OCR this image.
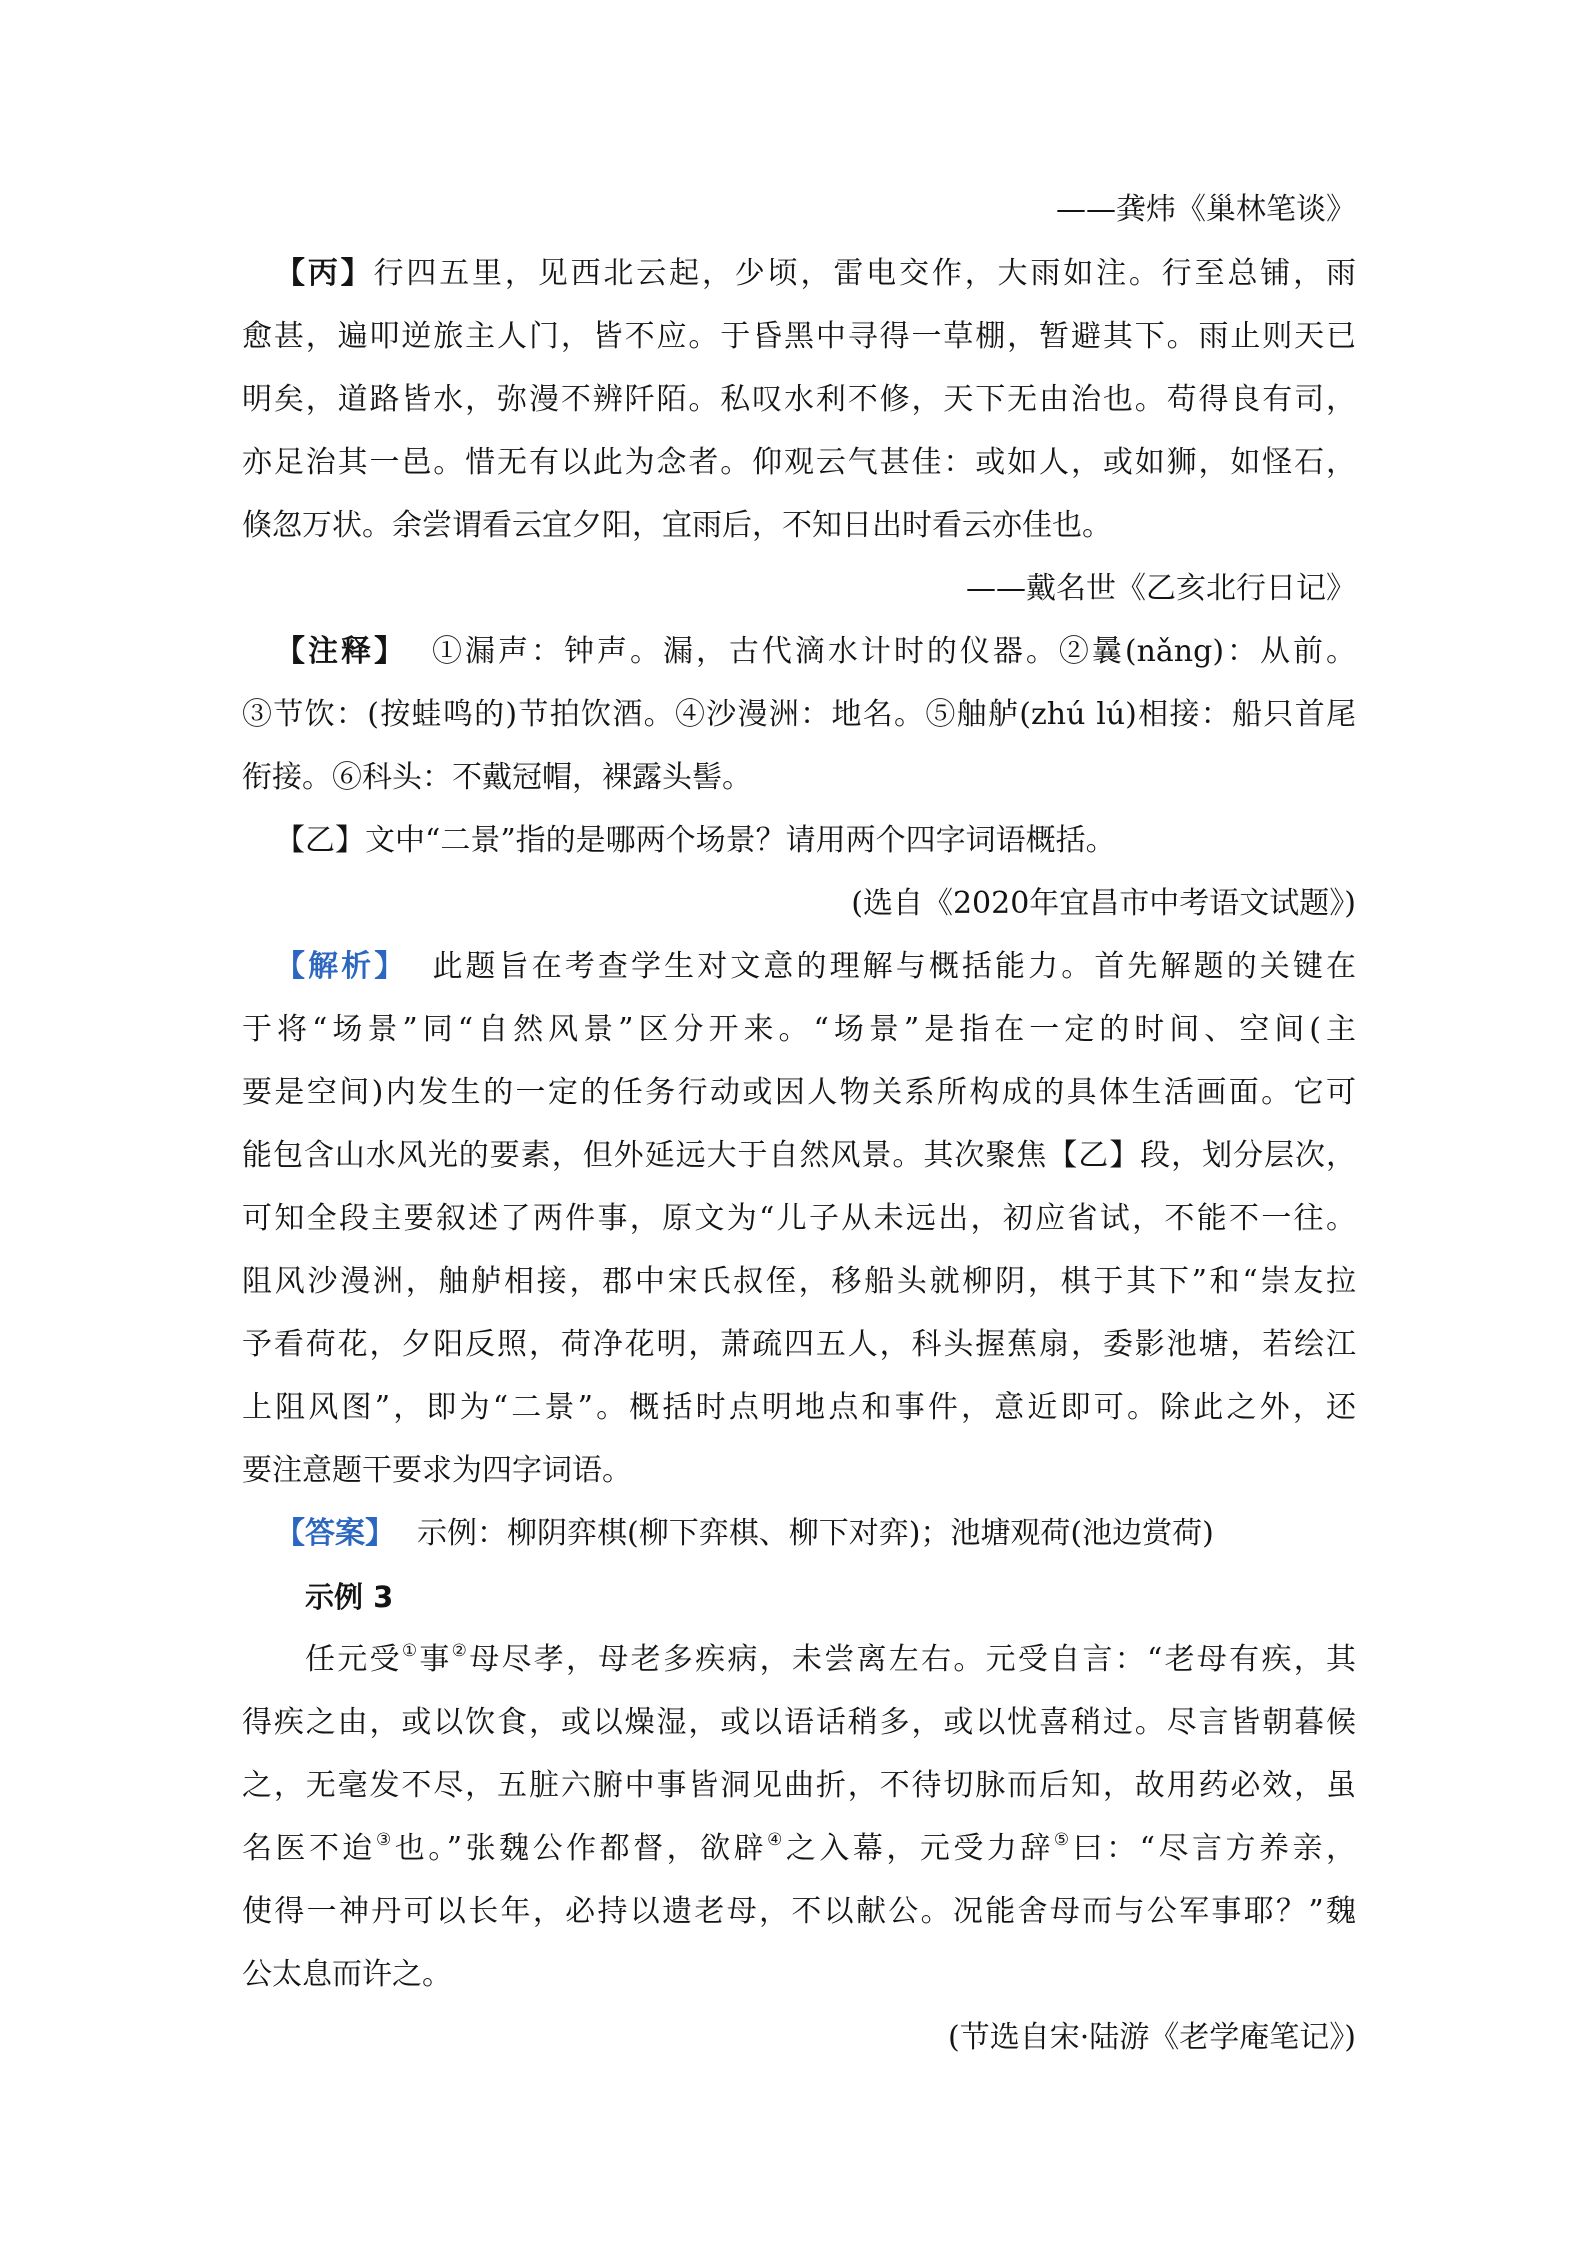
——龚炜《巢林笔谈》
【丙】行四五里，见西北云起，少顷，雷电交作，大雨如注。行至总铺，雨
愈甚，遍叩逆旅主人门，皆不应。于昏黑中寻得一草棚，暂避其下。雨止则天已
明矣，道路皆水，弥漫不辨阡陌。私叹水利不修，天下无由治也。苟得良有司，
亦足治其一邑。惜无有以此为念者。仰观云气甚佳：或如人，或如狮，如怪石，
倏忽万状。余尝谓看云宜夕阳，宜雨后，不知日出时看云亦佳也。
——戴名世《乙亥北行日记》
【注释】 ①漏声：钟声。漏，古代滴水计时的仪器。②曩(nǎng)：从前。
③节饮：(按蛙鸣的)节拍饮酒。④沙漫洲：地名。⑤舳舻(zhú lú)相接：船只首尾
衔接。⑥科头：不戴冠帽，裸露头髻。
【乙】文中“二景”指的是哪两个场景？请用两个四字词语概括。
(选自《2020年宜昌市中考语文试题》)
【解析】 此题旨在考查学生对文意的理解与概括能力。首先解题的关键在
于将“场景”同“自然风景”区分开来。“场景”是指在一定的时间、空间(主
要是空间)内发生的一定的任务行动或因人物关系所构成的具体生活画面。它可
能包含山水风光的要素，但外延远大于自然风景。其次聚焦【乙】段，划分层次，
可知全段主要叙述了两件事，原文为“儿子从未远出，初应省试，不能不一往。
阻风沙漫洲，舳舻相接，郡中宋氏叔侄，移船头就柳阴，棋于其下”和“崇友拉
予看荷花，夕阳反照，荷净花明，萧疏四五人，科头握蕉扇，委影池塘，若绘江
上阻风图”，即为“二景”。概括时点明地点和事件，意近即可。除此之外，还
要注意题干要求为四字词语。
【答案】 示例：柳阴弈棋(柳下弈棋、柳下对弈)；池塘观荷(池边赏荷)
示例 3
任元受①事②母尽孝，母老多疾病，未尝离左右。元受自言：“老母有疾，其
得疾之由，或以饮食，或以燥湿，或以语话稍多，或以忧喜稍过。尽言皆朝暮候
之，无毫发不尽，五脏六腑中事皆洞见曲折，不待切脉而后知，故用药必效，虽
名医不迨③也。”张魏公作都督，欲辟④之入幕，元受力辞⑤曰：“尽言方养亲，
使得一神丹可以长年，必持以遗老母，不以献公。况能舍母而与公军事耶？”魏
公太息而许之。
(节选自宋·陆游《老学庵笔记》)
